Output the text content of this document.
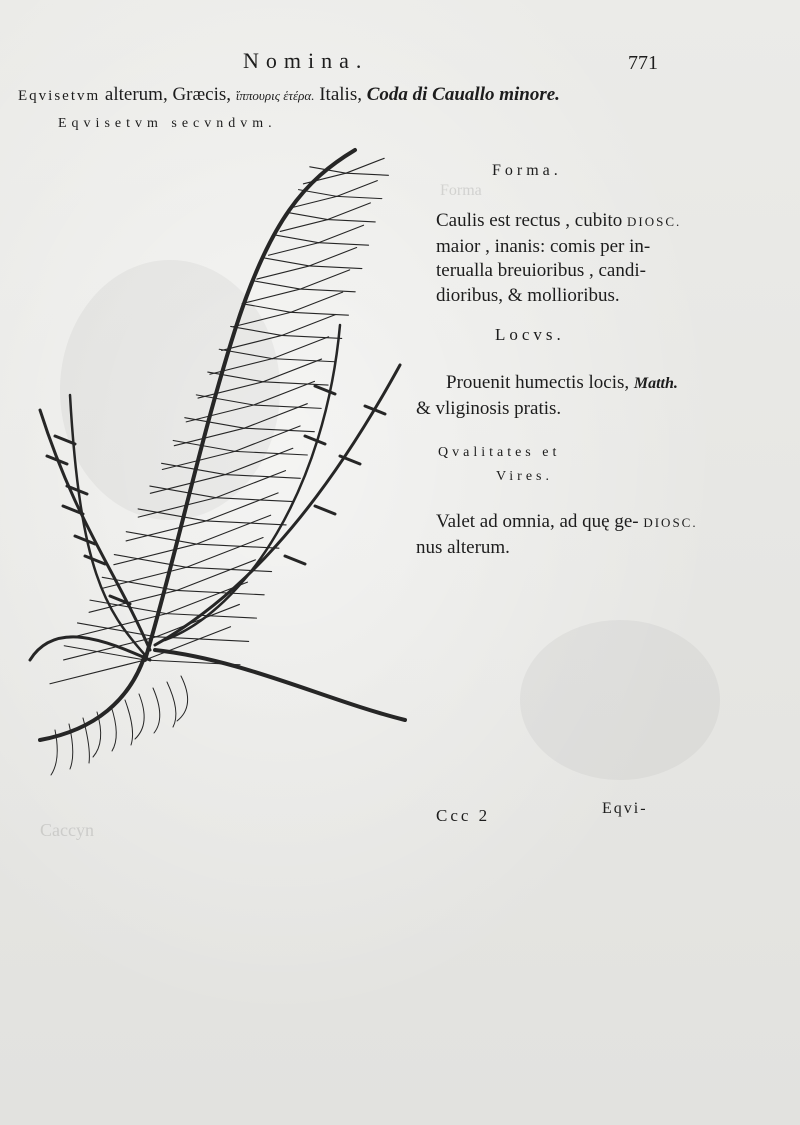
Caccyn
Forma
Nomina.	771
Eqvisetvm alterum, Græcis, ἵππουρις ἑτέρα. Italis, Coda di Cauallo minore.
Eqvisetvm secvndvm.
Forma.
Caulis est rectus , cubito DIOSC.
maior , inanis: comis per in-
terualla breuioribus , candi-
dioribus, & mollioribus.
Locvs.
Prouenit humectis locis, Matth.
& vliginosis pratis.
Qvalitates et
Vires.
Valet ad omnia, ad quę ge- DIOSC.
nus alterum.
Ccc 2	Eqvi-
